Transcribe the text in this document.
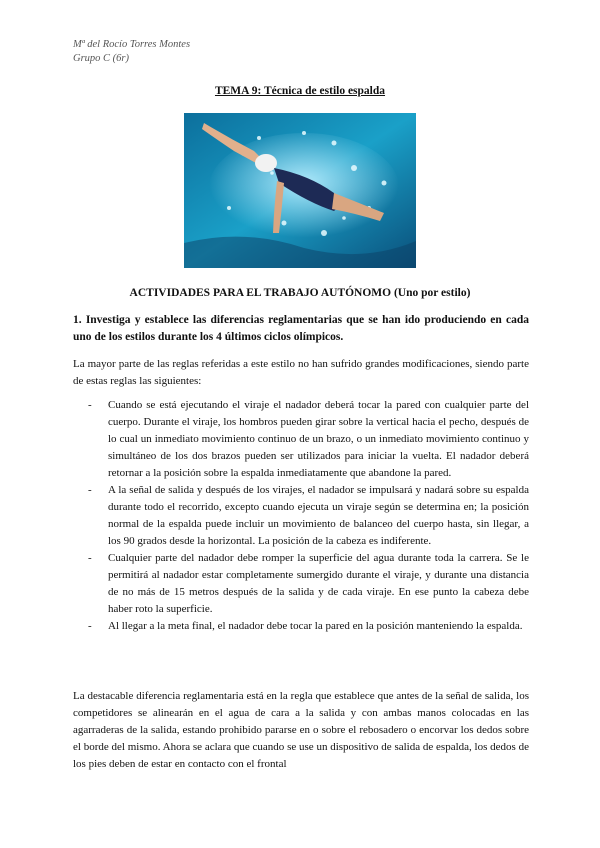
Mª del Rocío Torres Montes
Grupo C (6r)
TEMA 9: Técnica de estilo espalda
ACTIVIDADES PARA EL TRABAJO AUTÓNOMO (Uno por estilo)
1. Investiga y establece las diferencias reglamentarias que se han ido produciendo en cada uno de los estilos durante los 4 últimos ciclos olímpicos.
La mayor parte de las reglas referidas a este estilo no han sufrido grandes modificaciones, siendo parte de estas reglas las siguientes:
- Cuando se está ejecutando el viraje el nadador deberá tocar la pared con cualquier parte del cuerpo. Durante el viraje, los hombros pueden girar sobre la vertical hacia el pecho, después de lo cual un inmediato movimiento continuo de un brazo, o un inmediato movimiento continuo y simultáneo de los dos brazos pueden ser utilizados para iniciar la vuelta. El nadador deberá retornar a la posición sobre la espalda inmediatamente que abandone la pared.
- A la señal de salida y después de los virajes, el nadador se impulsará y nadará sobre su espalda durante todo el recorrido, excepto cuando ejecuta un viraje según se determina en; la posición normal de la espalda puede incluir un movimiento de balanceo del cuerpo hasta, sin llegar, a los 90 grados desde la horizontal. La posición de la cabeza es indiferente.
- Cualquier parte del nadador debe romper la superficie del agua durante toda la carrera. Se le permitirá al nadador estar completamente sumergido durante el viraje, y durante una distancia de no más de 15 metros después de la salida y de cada viraje. En ese punto la cabeza debe haber roto la superficie.
- Al llegar a la meta final, el nadador debe tocar la pared en la posición manteniendo la espalda.
La destacable diferencia reglamentaria está en la regla que establece que antes de la señal de salida, los competidores se alinearán en el agua de cara a la salida y con ambas manos colocadas en las agarraderas de la salida, estando prohibido pararse en o sobre el rebosadero o encorvar los dedos sobre el borde del mismo. Ahora se aclara que cuando se use un dispositivo de salida de espalda, los dedos de los pies deben de estar en contacto con el frontal
